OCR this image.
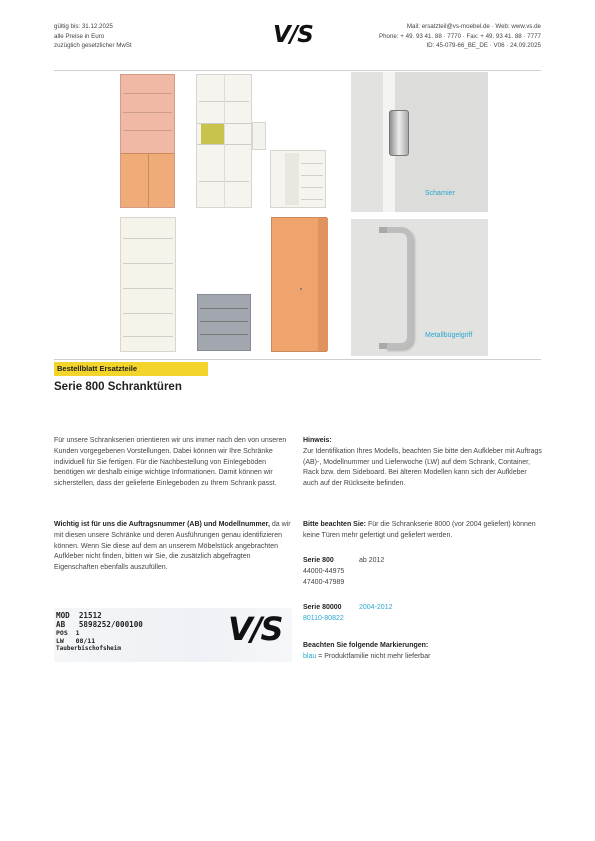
gültig bis: 31.12.2025
alle Preise in Euro
zuzüglich gesetzlicher MwSt	V/S	Mail: ersatzteil@vs-moebel.de · Web: www.vs.de
Phone: + 49. 93 41. 88 · 7770 · Fax: + 49. 93 41. 88 · 7777
ID: 45-079-66_BE_DE · V06 · 24.09.2025
Scharnier
Metallbügelgriff
Bestellblatt Ersatzteile
Serie 800 Schranktüren
Für unsere Schrankserien orientieren wir uns immer nach den von unseren Kunden vorgegebenen Vorstellungen. Dabei können wir Ihre Schränke individuell für Sie fertigen. Für die Nachbestellung von Einlegeböden benötigen wir deshalb einige wichtige Informationen. Damit können wir sicherstellen, dass der gelieferte Einlegeboden zu Ihrem Schrank passt.
Wichtig ist für uns die Auftragsnummer (AB) und Modellnummer, da wir mit diesen unsere Schränke und deren Ausführungen genau identifizieren können. Wenn Sie diese auf dem an unserem Möbelstück angebrachten Aufkleber nicht finden, bitten wir Sie, die zusätzlich abgefragten Eigenschaften ebenfalls auszufüllen.
MOD  21512
AB   5898252/000100
POS  1
LW   08/11
Tauberbischofsheim
V/S
Hinweis:
Zur Identifikation Ihres Modells, beachten Sie bitte den Aufkleber mit Auftrags (AB)-, Modellnummer und Lieferwoche (LW) auf dem Schrank, Container, Rack bzw. dem Sideboard. Bei älteren Modellen kann sich der Aufkleber auch auf der Rückseite befinden.
Bitte beachten Sie: Für die Schrankserie 8000 (vor 2004 geliefert) können keine Türen mehr gefertigt und geliefert werden.
Serie 800	ab 2012
44000-44975
47400-47989
Serie 80000 2004-2012
80110-80822
Beachten Sie folgende Markierungen:
blau = Produktfamilie nicht mehr lieferbar
